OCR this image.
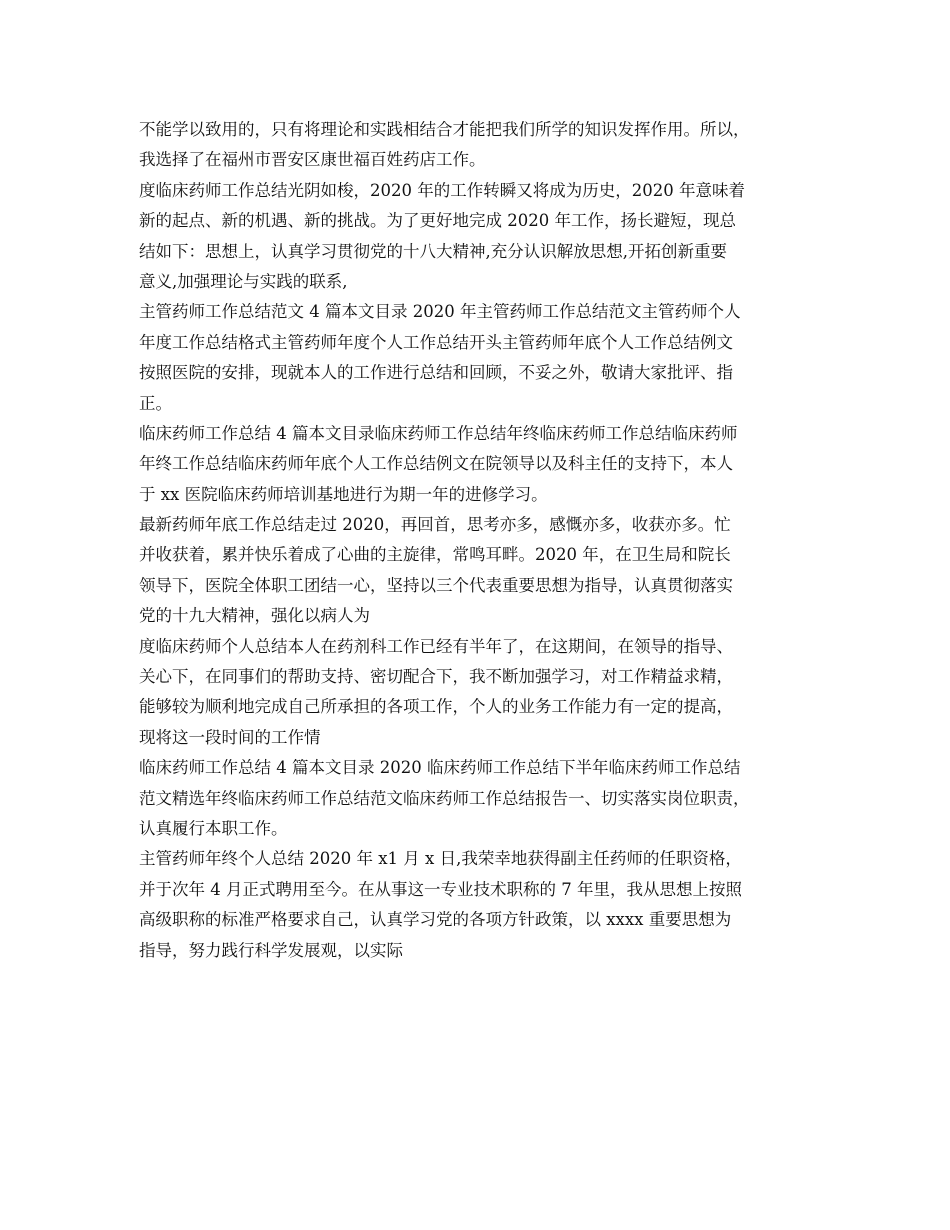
不能学以致用的，只有将理论和实践相结合才能把我们所学的知识发挥作用。所以，
我选择了在福州市晋安区康世福百姓药店工作。
度临床药师工作总结光阴如梭，2020 年的工作转瞬又将成为历史，2020 年意味着
新的起点、新的机遇、新的挑战。为了更好地完成 2020 年工作，扬长避短，现总
结如下：思想上，认真学习贯彻党的十八大精神,充分认识解放思想,开拓创新重要
意义,加强理论与实践的联系,
主管药师工作总结范文 4 篇本文目录 2020 年主管药师工作总结范文主管药师个人
年度工作总结格式主管药师年度个人工作总结开头主管药师年底个人工作总结例文
按照医院的安排，现就本人的工作进行总结和回顾，不妥之外，敬请大家批评、指
正。
临床药师工作总结 4 篇本文目录临床药师工作总结年终临床药师工作总结临床药师
年终工作总结临床药师年底个人工作总结例文在院领导以及科主任的支持下，本人
于 xx 医院临床药师培训基地进行为期一年的进修学习。
最新药师年底工作总结走过 2020，再回首，思考亦多，感慨亦多，收获亦多。忙
并收获着，累并快乐着成了心曲的主旋律，常鸣耳畔。2020 年，在卫生局和院长
领导下，医院全体职工团结一心，坚持以三个代表重要思想为指导，认真贯彻落实
党的十九大精神，强化以病人为
度临床药师个人总结本人在药剂科工作已经有半年了，在这期间，在领导的指导、
关心下，在同事们的帮助支持、密切配合下，我不断加强学习，对工作精益求精，
能够较为顺利地完成自己所承担的各项工作，个人的业务工作能力有一定的提高，
现将这一段时间的工作情
临床药师工作总结 4 篇本文目录 2020 临床药师工作总结下半年临床药师工作总结
范文精选年终临床药师工作总结范文临床药师工作总结报告一、切实落实岗位职责，
认真履行本职工作。
主管药师年终个人总结 2020 年 x1 月 x 日,我荣幸地获得副主任药师的任职资格，
并于次年 4 月正式聘用至今。在从事这一专业技术职称的 7 年里，我从思想上按照
高级职称的标准严格要求自己，认真学习党的各项方针政策，以 xxxx 重要思想为
指导，努力践行科学发展观，以实际
